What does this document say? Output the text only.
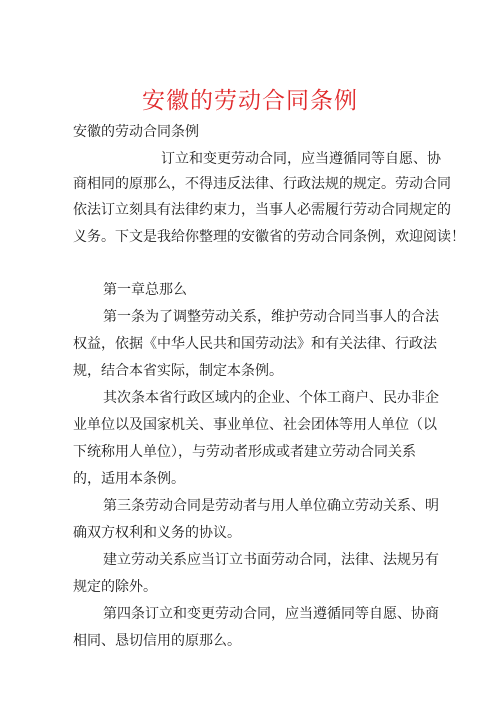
安徽的劳动合同条例
安徽的劳动合同条例
订立和变更劳动合同，应当遵循同等自愿、协
商相同的原那么，不得违反法律、行政法规的规定。劳动合同
依法订立刻具有法律约束力，当事人必需履行劳动合同规定的
义务。下文是我给你整理的安徽省的劳动合同条例，欢迎阅读！
第一章总那么
第一条为了调整劳动关系，维护劳动合同当事人的合法
权益，依据《中华人民共和国劳动法》和有关法律、行政法
规，结合本省实际，制定本条例。
其次条本省行政区域内的企业、个体工商户、民办非企
业单位以及国家机关、事业单位、社会团体等用人单位（以
下统称用人单位），与劳动者形成或者建立劳动合同关系
的，适用本条例。
第三条劳动合同是劳动者与用人单位确立劳动关系、明
确双方权利和义务的协议。
建立劳动关系应当订立书面劳动合同，法律、法规另有
规定的除外。
第四条订立和变更劳动合同，应当遵循同等自愿、协商
相同、恳切信用的原那么。
